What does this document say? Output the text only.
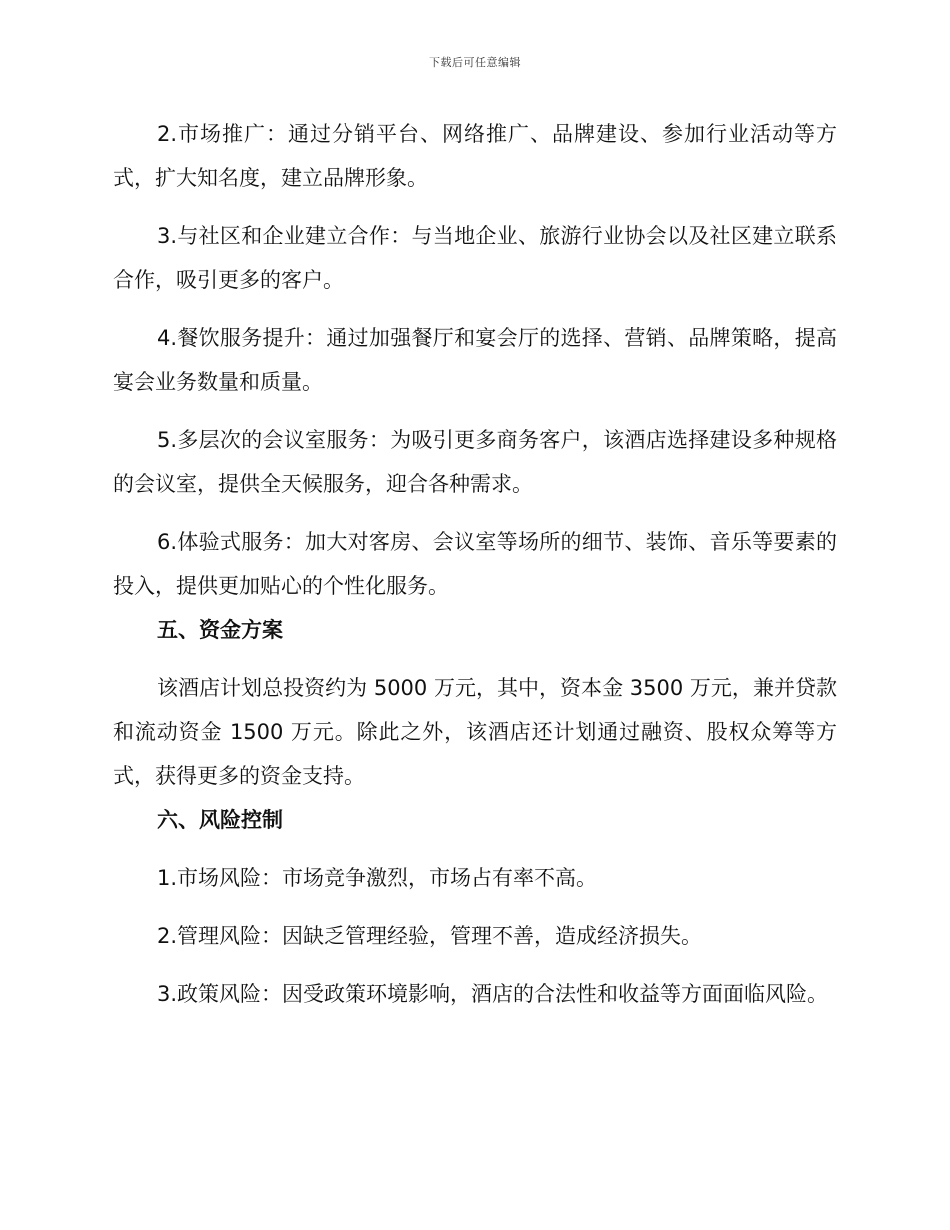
下载后可任意编辑

2.市场推广：通过分销平台、网络推广、品牌建设、参加行业活动等方式，扩大知名度，建立品牌形象。

3.与社区和企业建立合作：与当地企业、旅游行业协会以及社区建立联系合作，吸引更多的客户。

4.餐饮服务提升：通过加强餐厅和宴会厅的选择、营销、品牌策略，提高宴会业务数量和质量。

5.多层次的会议室服务：为吸引更多商务客户，该酒店选择建设多种规格的会议室，提供全天候服务，迎合各种需求。

6.体验式服务：加大对客房、会议室等场所的细节、装饰、音乐等要素的投入，提供更加贴心的个性化服务。

五、资金方案

该酒店计划总投资约为 5000 万元，其中，资本金 3500 万元，兼并贷款和流动资金 1500 万元。除此之外，该酒店还计划通过融资、股权众筹等方式，获得更多的资金支持。

六、风险控制

1.市场风险：市场竞争激烈，市场占有率不高。

2.管理风险：因缺乏管理经验，管理不善，造成经济损失。

3.政策风险：因受政策环境影响，酒店的合法性和收益等方面面临风险。
